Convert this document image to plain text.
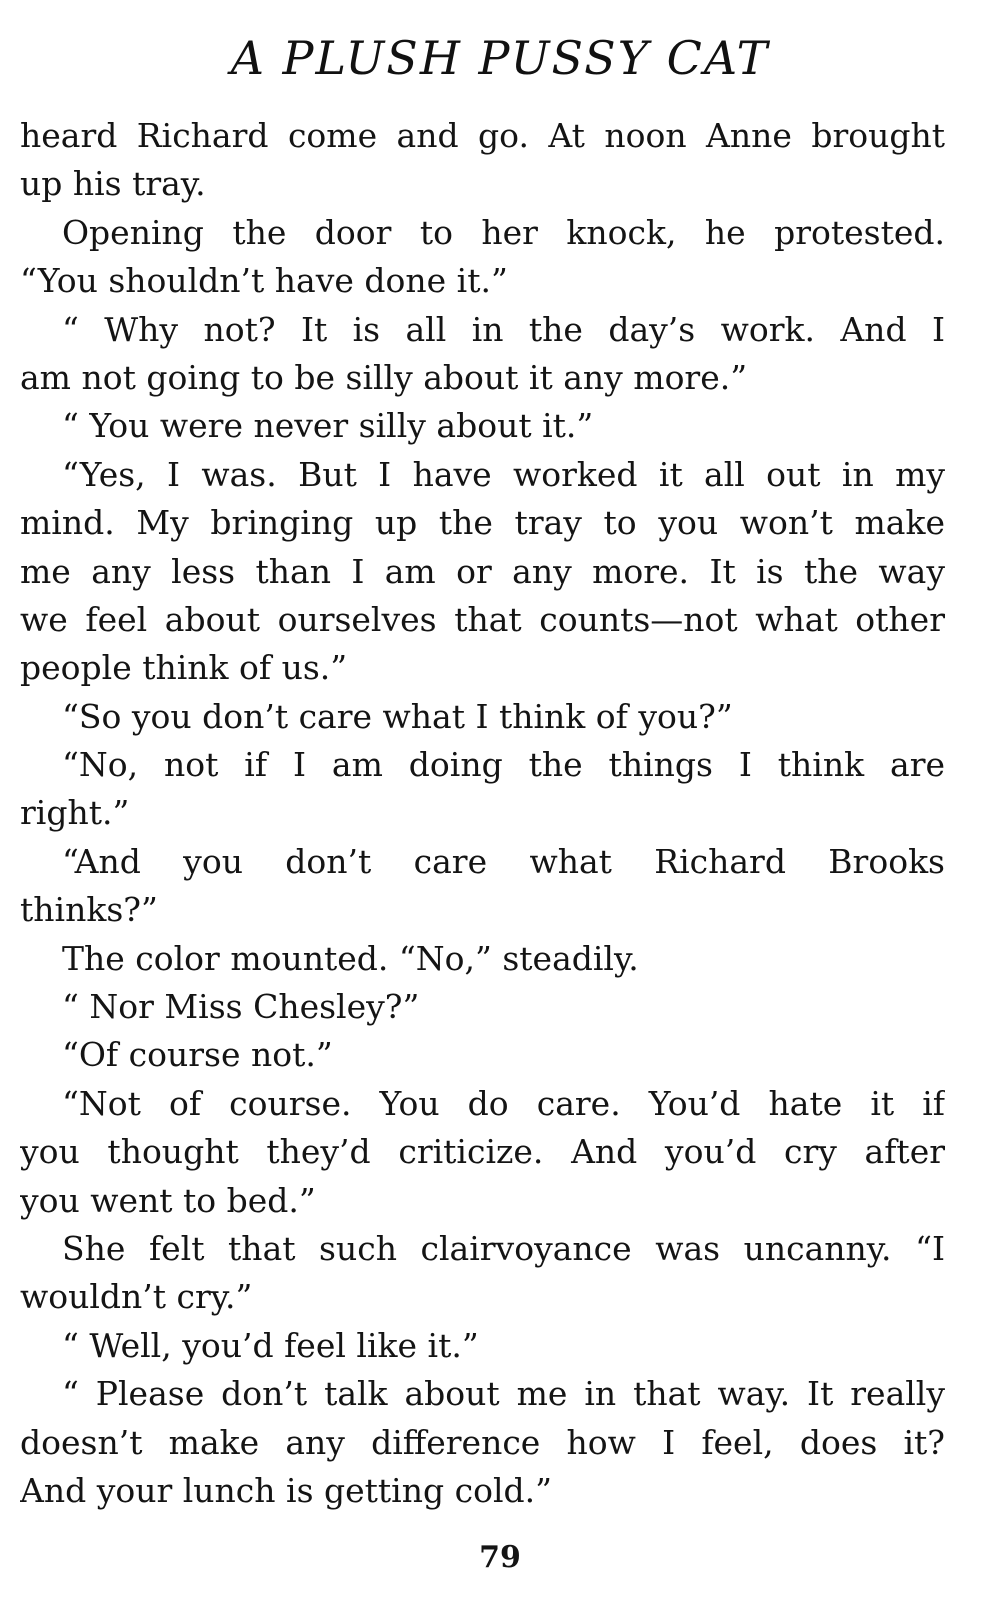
A PLUSH PUSSY CAT
heard Richard come and go. At noon Anne brought
up his tray.
Opening the door to her knock, he protested.
“You shouldn’t have done it.”
“ Why not? It is all in the day’s work. And I
am not going to be silly about it any more.”
“ You were never silly about it.”
“Yes, I was. But I have worked it all out in my
mind. My bringing up the tray to you won’t make
me any less than I am or any more. It is the way
we feel about ourselves that counts—not what other
people think of us.”
“So you don’t care what I think of you?”
“No, not if I am doing the things I think are
right.”
“And you don’t care what Richard Brooks
thinks?”
The color mounted. “No,” steadily.
“ Nor Miss Chesley?”
“Of course not.”
“Not of course. You do care. You’d hate it if
you thought they’d criticize. And you’d cry after
you went to bed.”
She felt that such clairvoyance was uncanny. “I
wouldn’t cry.”
“ Well, you’d feel like it.”
“ Please don’t talk about me in that way. It really
doesn’t make any difference how I feel, does it?
And your lunch is getting cold.”
79
